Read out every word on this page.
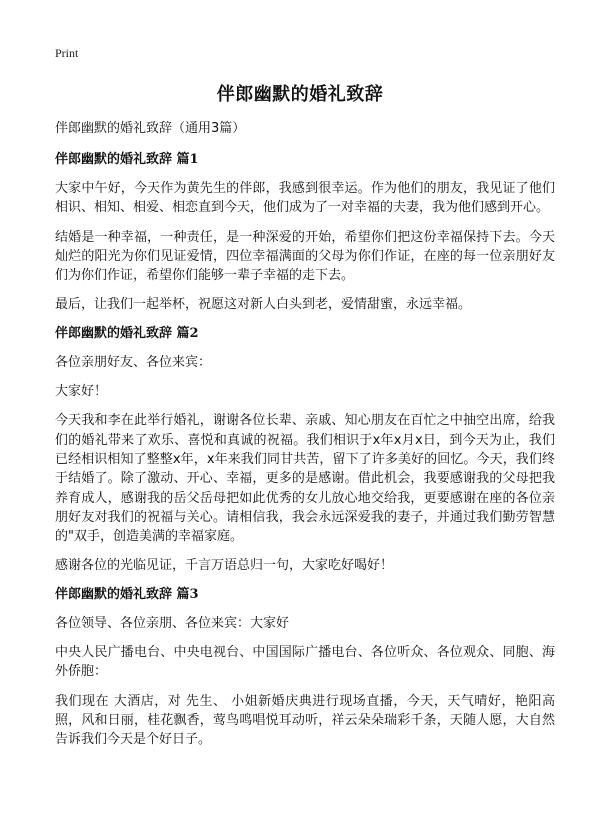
Print
伴郎幽默的婚礼致辞
伴郎幽默的婚礼致辞（通用3篇）
伴郎幽默的婚礼致辞 篇1

大家中午好，今天作为黄先生的伴郎，我感到很幸运。作为他们的朋友，我见证了他们相识、相知、相爱、相恋直到今天，他们成为了一对幸福的夫妻，我为他们感到开心。

结婚是一种幸福，一种责任，是一种深爱的开始，希望你们把这份幸福保持下去。今天灿烂的阳光为你们见证爱情，四位幸福满面的父母为你们作证，在座的每一位亲朋好友们为你们作证，希望你们能够一辈子幸福的走下去。

最后，让我们一起举杯，祝愿这对新人白头到老，爱情甜蜜，永远幸福。

伴郎幽默的婚礼致辞 篇2

各位亲朋好友、各位来宾：

大家好！

今天我和李在此举行婚礼，谢谢各位长辈、亲戚、知心朋友在百忙之中抽空出席，给我们的婚礼带来了欢乐、喜悦和真诚的祝福。我们相识于x年x月x日，到今天为止，我们已经相识相知了整整x年，x年来我们同甘共苦，留下了许多美好的回忆。今天，我们终于结婚了。除了激动、开心、幸福，更多的是感谢。借此机会，我要感谢我的父母把我养育成人，感谢我的岳父岳母把如此优秀的女儿放心地交给我，更要感谢在座的各位亲朋好友对我们的祝福与关心。请相信我，我会永远深爱我的妻子，并通过我们勤劳智慧的"双手，创造美满的幸福家庭。

感谢各位的光临见证，千言万语总归一句，大家吃好喝好！

伴郎幽默的婚礼致辞 篇3

各位领导、各位亲朋、各位来宾：大家好

中央人民广播电台、中央电视台、中国国际广播电台、各位听众、各位观众、同胞、海外侨胞：

我们现在 大酒店，对 先生、 小姐新婚庆典进行现场直播，今天，天气晴好，艳阳高照，风和日丽，桂花飘香，莺鸟鸣唱悦耳动听，祥云朵朵瑞彩千条，天随人愿，大自然告诉我们今天是个好日子。
